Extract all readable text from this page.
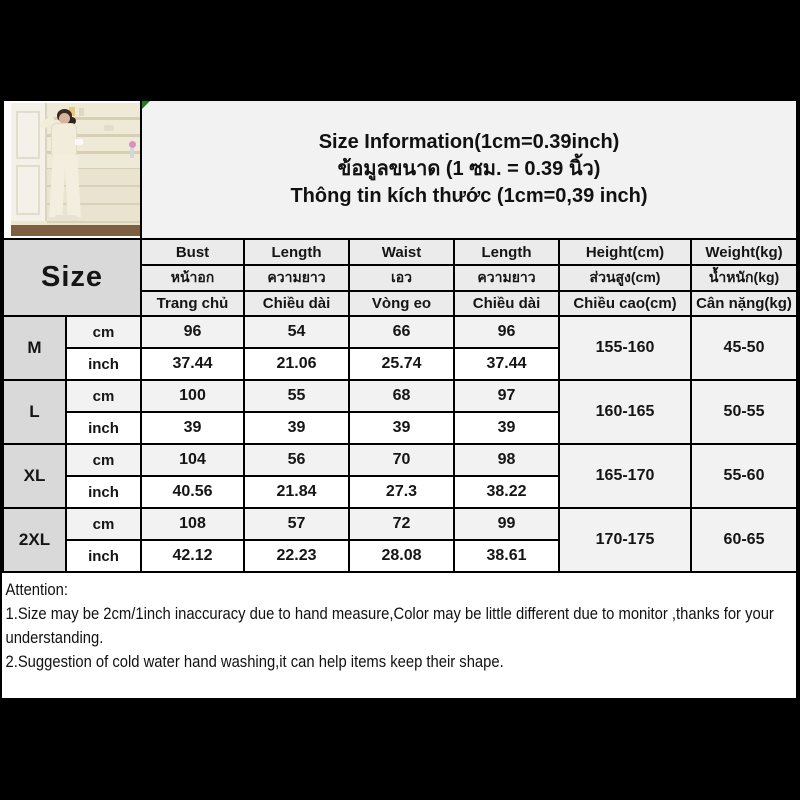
		Size Information(1cm=0.39inch)
ข้อมูลขนาด (1 ซม. = 0.39 นิ้ว)
Thông tin kích thước (1cm=0,39 inch)					

Size		Bust	Length	Waist	Length	Height(cm)	Weight(kg)
		หน้าอก	ความยาว	เอว	ความยาว	ส่วนสูง(cm)	น้ำหนัก(kg)
		Trang chủ	Chiều dài	Vòng eo	Chiều dài	Chiều cao(cm)	Cân nặng(kg)
M	cm	96	54	66	96	155-160	45-50
	inch	37.44	21.06	25.74	37.44		
L	cm	100	55	68	97	160-165	50-55
	inch	39	39	39	39		
XL	cm	104	56	70	98	165-170	55-60
	inch	40.56	21.84	27.3	38.22		
2XL	cm	108	57	72	99	170-175	60-65
	inch	42.12	22.23	28.08	38.61		
Attention:
1.Size may be 2cm/1inch inaccuracy due to hand measure,Color may be little different due to monitor ,thanks for your understanding.
2.Suggestion of cold water hand washing,it can help items keep their shape.
